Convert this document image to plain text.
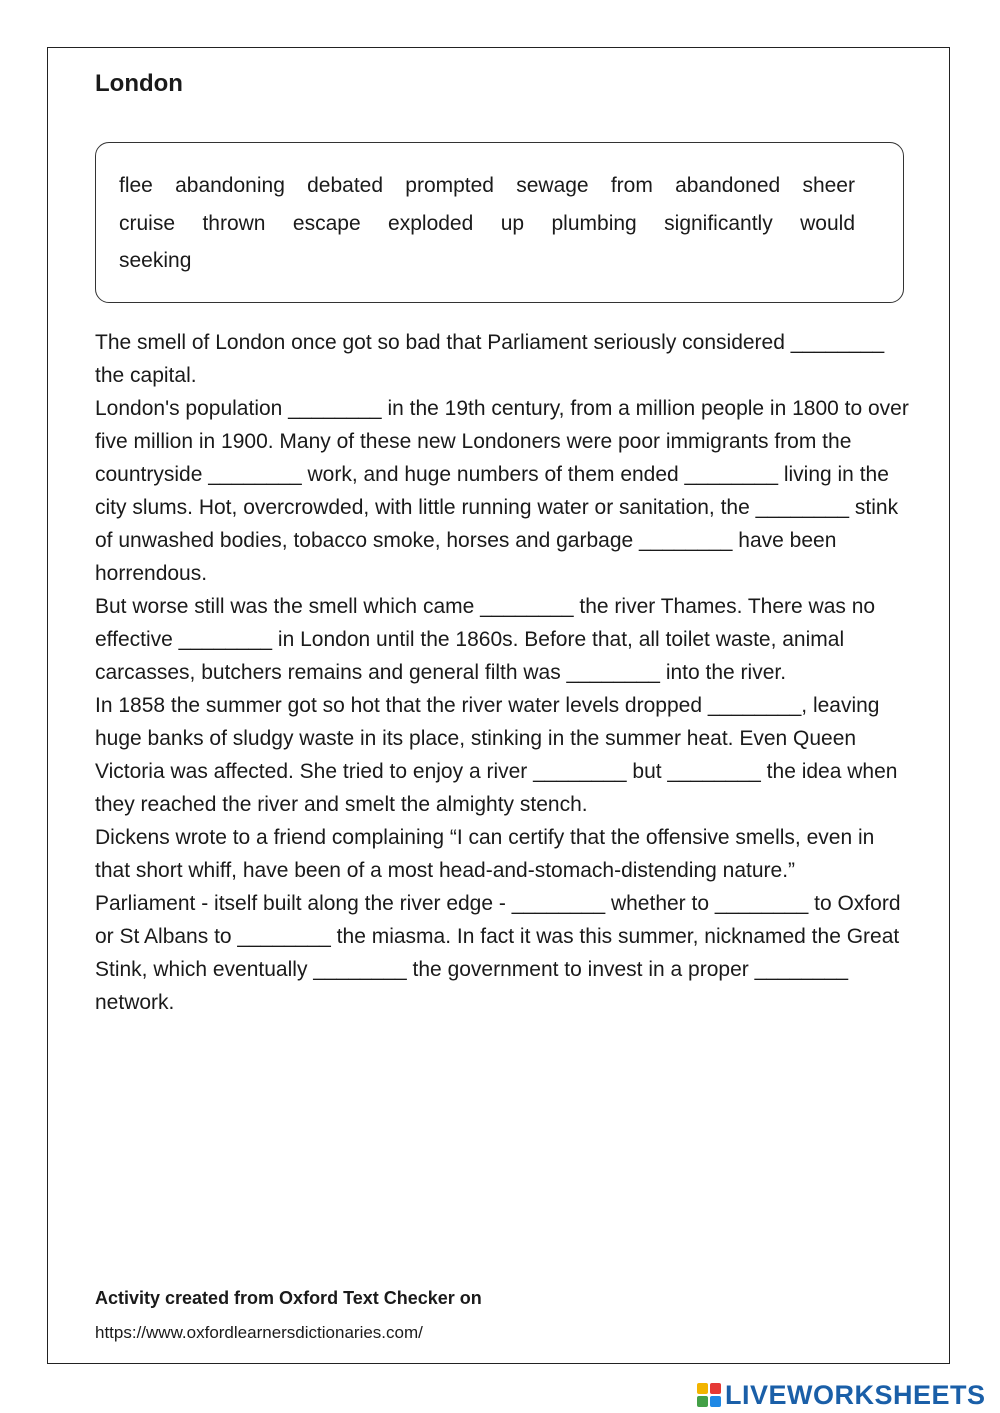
London
flee abandoning debated prompted sewage from abandoned sheer cruise thrown escape exploded up plumbing significantly would seeking

The smell of London once got so bad that Parliament seriously considered ________ the capital.

London's population ________ in the 19th century, from a million people in 1800 to over five million in 1900. Many of these new Londoners were poor immigrants from the countryside ________ work, and huge numbers of them ended ________ living in the city slums. Hot, overcrowded, with little running water or sanitation, the ________ stink of unwashed bodies, tobacco smoke, horses and garbage ________ have been horrendous.

But worse still was the smell which came ________ the river Thames. There was no effective ________ in London until the 1860s. Before that, all toilet waste, animal carcasses, butchers remains and general filth was ________ into the river.

In 1858 the summer got so hot that the river water levels dropped ________, leaving huge banks of sludgy waste in its place, stinking in the summer heat. Even Queen Victoria was affected. She tried to enjoy a river ________ but ________ the idea when they reached the river and smelt the almighty stench.

Dickens wrote to a friend complaining “I can certify that the offensive smells, even in that short whiff, have been of a most head-and-stomach-distending nature.”

Parliament - itself built along the river edge - ________ whether to ________ to Oxford or St Albans to ________ the miasma. In fact it was this summer, nicknamed the Great Stink, which eventually ________ the government to invest in a proper ________ network.

Activity created from Oxford Text Checker on
https://www.oxfordlearnersdictionaries.com/
LIVEWORKSHEETS
